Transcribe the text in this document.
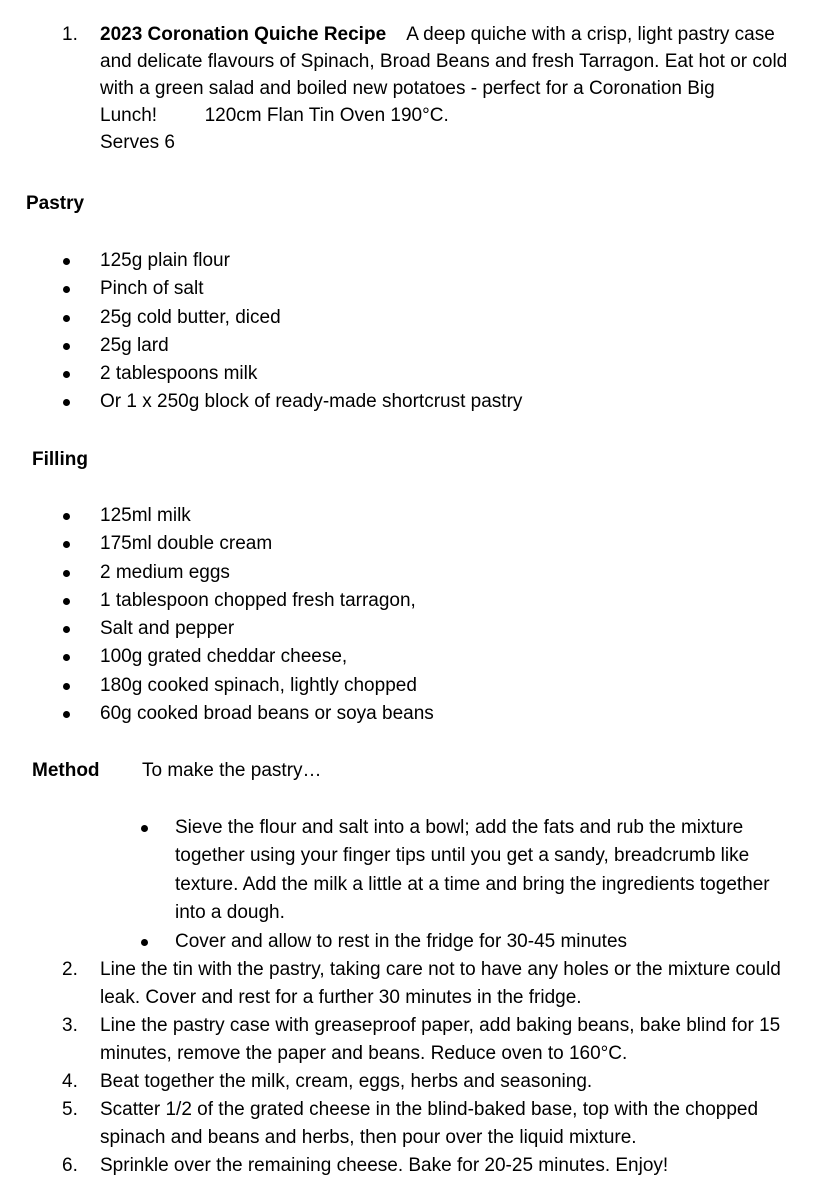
1. 2023 Coronation Quiche Recipe A deep quiche with a crisp, light pastry case and delicate flavours of Spinach, Broad Beans and fresh Tarragon. Eat hot or cold with a green salad and boiled new potatoes - perfect for a Coronation Big Lunch!	120cm Flan Tin Oven 190°C.
Serves 6
Pastry
125g plain flour
Pinch of salt
25g cold butter, diced
25g lard
2 tablespoons milk
Or 1 x 250g block of ready-made shortcrust pastry
Filling
125ml milk
175ml double cream
2 medium eggs
1 tablespoon chopped fresh tarragon,
Salt and pepper
100g grated cheddar cheese,
180g cooked spinach, lightly chopped
60g cooked broad beans or soya beans
Method To make the pastry…
Sieve the flour and salt into a bowl; add the fats and rub the mixture together using your finger tips until you get a sandy, breadcrumb like texture. Add the milk a little at a time and bring the ingredients together into a dough.
Cover and allow to rest in the fridge for 30-45 minutes
2. Line the tin with the pastry, taking care not to have any holes or the mixture could leak. Cover and rest for a further 30 minutes in the fridge.
3. Line the pastry case with greaseproof paper, add baking beans, bake blind for 15 minutes, remove the paper and beans. Reduce oven to 160°C.
4. Beat together the milk, cream, eggs, herbs and seasoning.
5. Scatter 1/2 of the grated cheese in the blind-baked base, top with the chopped spinach and beans and herbs, then pour over the liquid mixture.
6. Sprinkle over the remaining cheese. Bake for 20-25 minutes. Enjoy!
